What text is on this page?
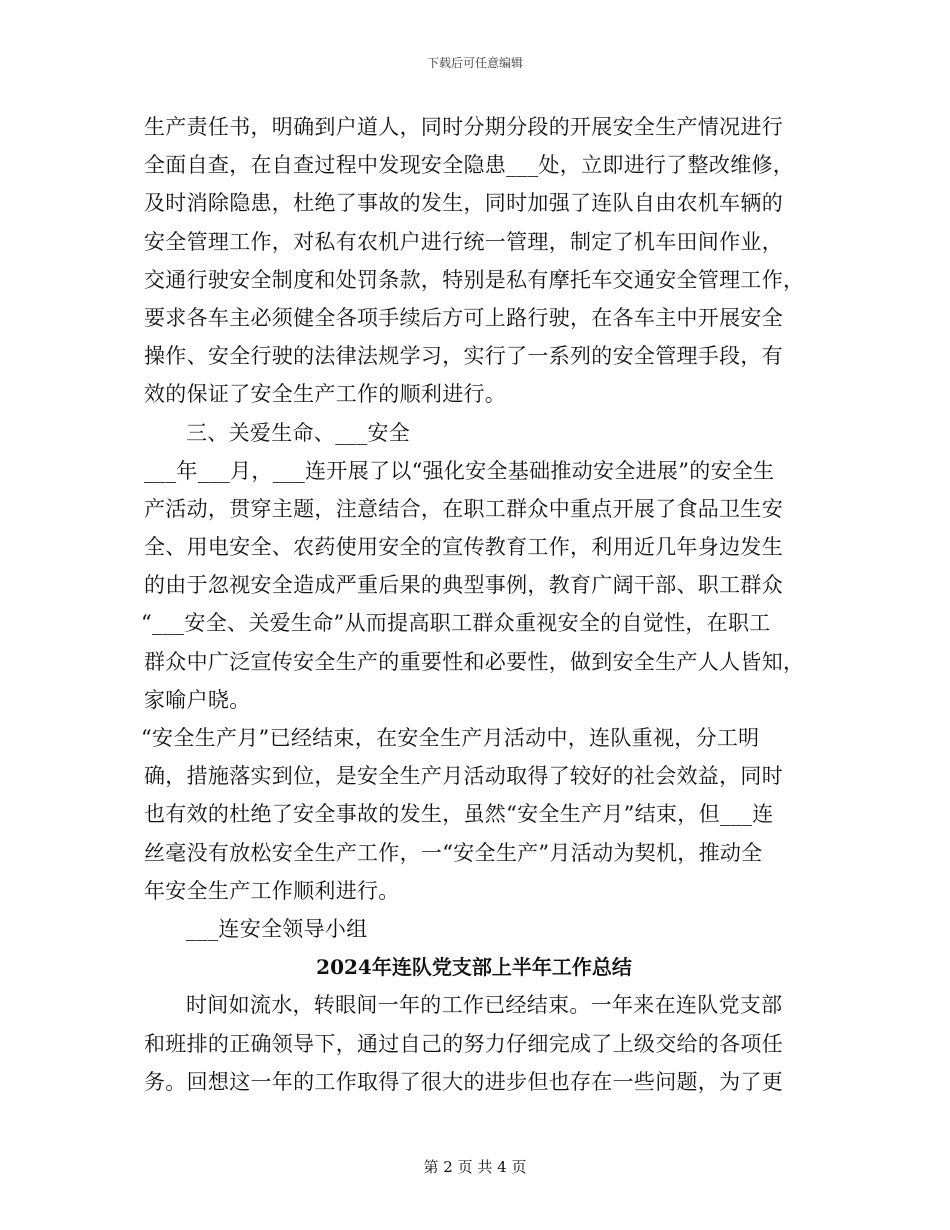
下载后可任意编辑
生产责任书，明确到户道人，同时分期分段的开展安全生产情况进行
全面自查，在自查过程中发现安全隐患___处，立即进行了整改维修，
及时消除隐患，杜绝了事故的发生，同时加强了连队自由农机车辆的
安全管理工作，对私有农机户进行统一管理，制定了机车田间作业，
交通行驶安全制度和处罚条款，特别是私有摩托车交通安全管理工作，
要求各车主必须健全各项手续后方可上路行驶，在各车主中开展安全
操作、安全行驶的法律法规学习，实行了一系列的安全管理手段，有
效的保证了安全生产工作的顺利进行。
三、关爱生命、___安全
___年___月，___连开展了以“强化安全基础推动安全进展”的安全生
产活动，贯穿主题，注意结合，在职工群众中重点开展了食品卫生安
全、用电安全、农药使用安全的宣传教育工作，利用近几年身边发生
的由于忽视安全造成严重后果的典型事例，教育广阔干部、职工群众
“___安全、关爱生命”从而提高职工群众重视安全的自觉性，在职工
群众中广泛宣传安全生产的重要性和必要性，做到安全生产人人皆知，
家喻户晓。
“安全生产月”已经结束，在安全生产月活动中，连队重视，分工明
确，措施落实到位，是安全生产月活动取得了较好的社会效益，同时
也有效的杜绝了安全事故的发生，虽然“安全生产月”结束，但___连
丝毫没有放松安全生产工作，一“安全生产”月活动为契机，推动全
年安全生产工作顺利进行。
___连安全领导小组
2024年连队党支部上半年工作总结
时间如流水，转眼间一年的工作已经结束。一年来在连队党支部
和班排的正确领导下，通过自己的努力仔细完成了上级交给的各项任
务。回想这一年的工作取得了很大的进步但也存在一些问题，为了更
第 2 页 共 4 页
